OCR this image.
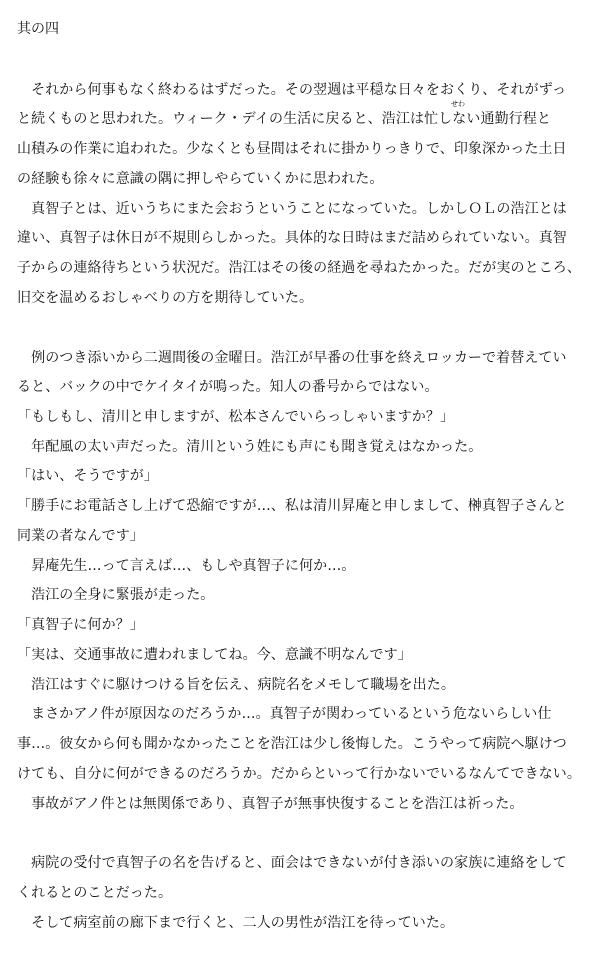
其の四
せわ
　それから何事もなく終わるはずだった。その翌週は平穏な日々をおくり、それがずっ
と続くものと思われた。ウィーク・デイの生活に戻ると、浩江は忙しない通勤行程と
山積みの作業に追われた。少なくとも昼間はそれに掛かりっきりで、印象深かった土日
の経験も徐々に意識の隅に押しやらていくかに思われた。
　真智子とは、近いうちにまた会おうということになっていた。しかしＯＬの浩江とは
違い、真智子は休日が不規則らしかった。具体的な日時はまだ詰められていない。真智
子からの連絡待ちという状況だ。浩江はその後の経過を尋ねたかった。だが実のところ、
旧交を温めるおしゃべりの方を期待していた。
　例のつき添いから二週間後の金曜日。浩江が早番の仕事を終えロッカーで着替えてい
ると、バックの中でケイタイが鳴った。知人の番号からではない。
「もしもし、清川と申しますが、松本さんでいらっしゃいますか？」
　年配風の太い声だった。清川という姓にも声にも聞き覚えはなかった。
「はい、そうですが」
「勝手にお電話さし上げて恐縮ですが…、私は清川昇庵と申しまして、榊真智子さんと
同業の者なんです」
　昇庵先生…って言えば…、もしや真智子に何か…。
　浩江の全身に緊張が走った。
「真智子に何か？」
「実は、交通事故に遭われましてね。今、意識不明なんです」
　浩江はすぐに駆けつける旨を伝え、病院名をメモして職場を出た。
　まさかアノ件が原因なのだろうか…。真智子が関わっているという危ないらしい仕
事…。彼女から何も聞かなかったことを浩江は少し後悔した。こうやって病院へ駆けつ
けても、自分に何ができるのだろうか。だからといって行かないでいるなんてできない。
　事故がアノ件とは無関係であり、真智子が無事快復することを浩江は祈った。
　病院の受付で真智子の名を告げると、面会はできないが付き添いの家族に連絡をして
くれるとのことだった。
　そして病室前の廊下まで行くと、二人の男性が浩江を待っていた。
